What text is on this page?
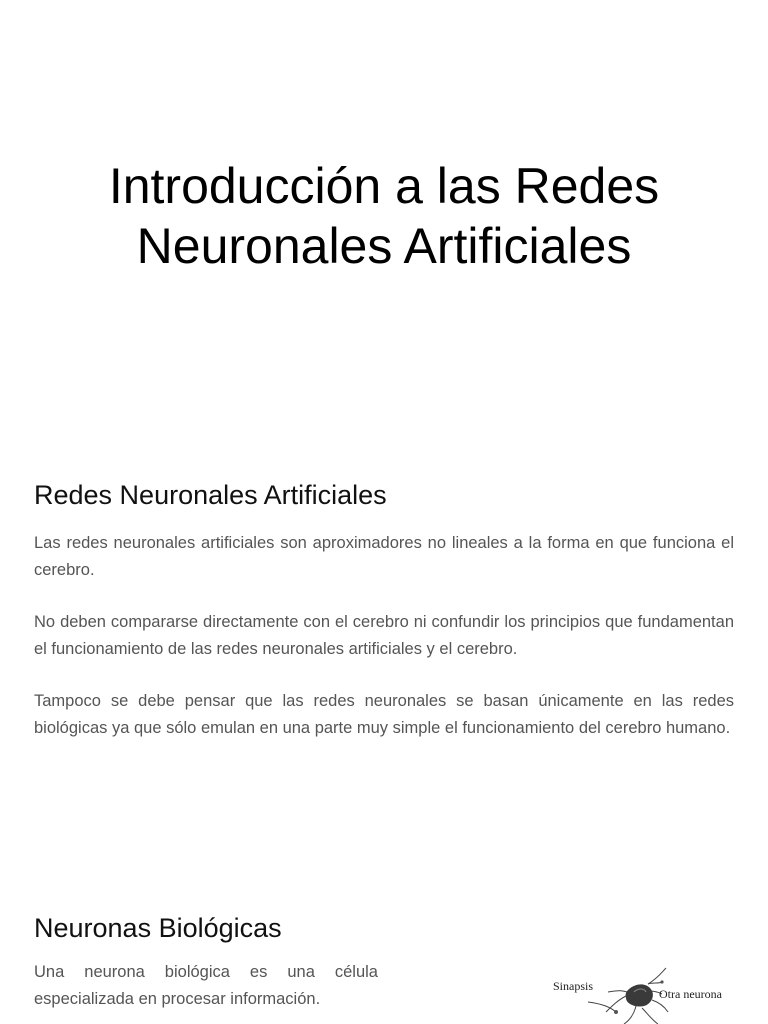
Introducción a las Redes
Neuronales Artificiales
Redes Neuronales Artificiales

Las redes neuronales artificiales son aproximadores no lineales a la forma en que funciona el cerebro.

No deben compararse directamente con el cerebro ni confundir los principios que fundamentan el funcionamiento de las redes neuronales artificiales y el cerebro.

Tampoco se debe pensar que las redes neuronales se basan únicamente en las redes biológicas ya que sólo emulan en una parte muy simple el funcionamiento del cerebro humano.

Neuronas Biológicas

Una neurona biológica es una célula especializada en procesar información.

Sinapsis
Otra neurona
